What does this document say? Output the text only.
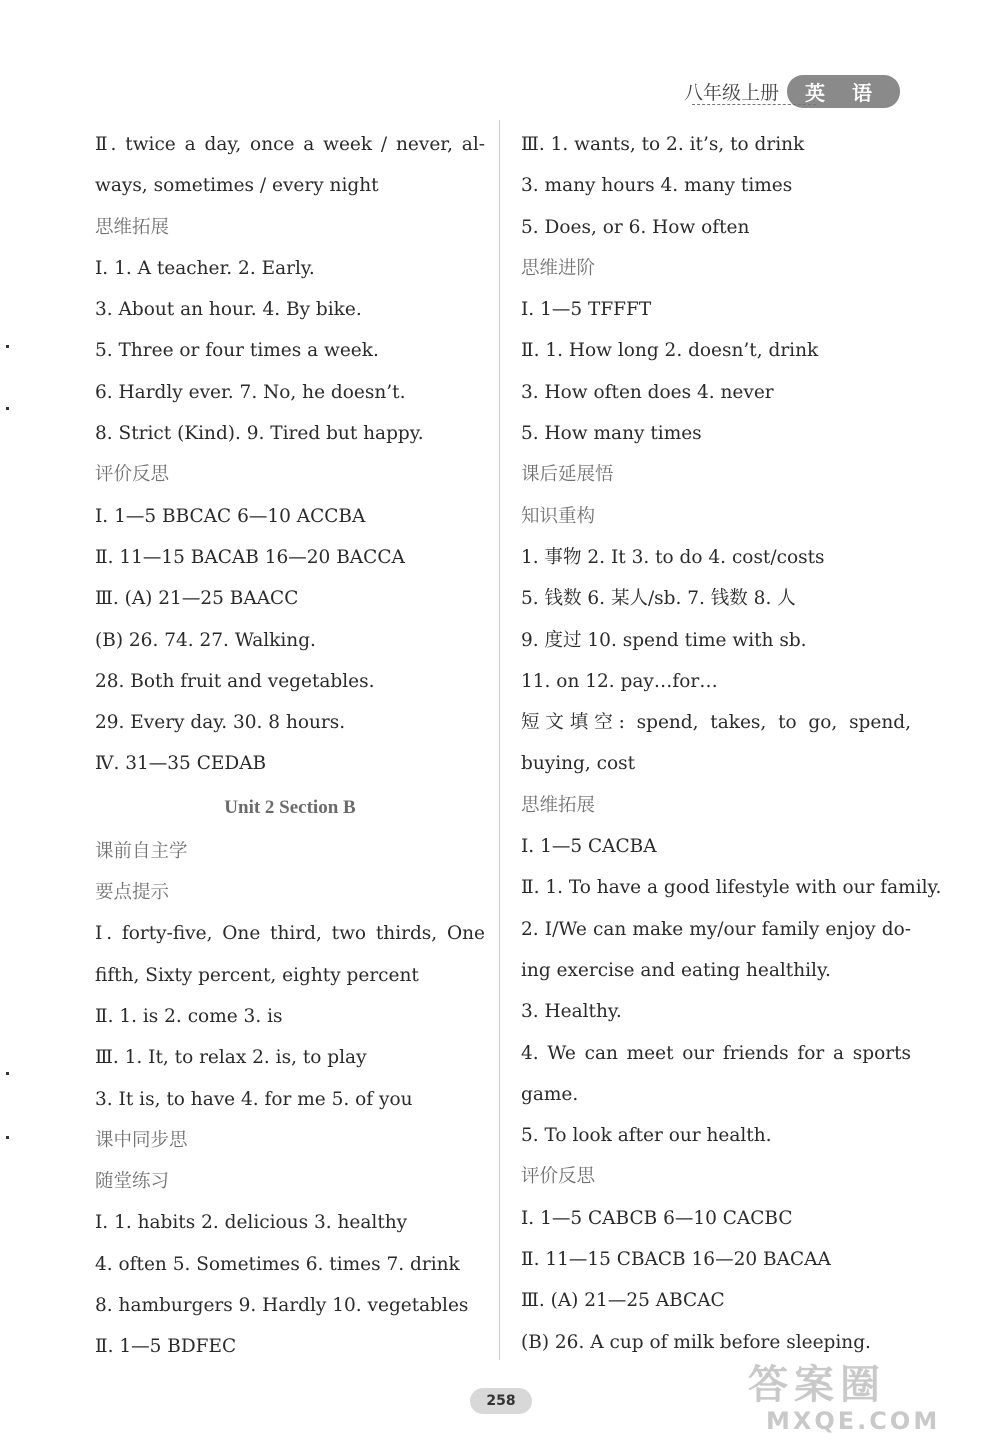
八年级上册	英 语
Ⅱ. twice a day, once a week / never, al-
ways, sometimes / every night
思维拓展
Ⅰ. 1. A teacher. 2. Early.
3. About an hour. 4. By bike.
5. Three or four times a week.
6. Hardly ever. 7. No, he doesn’t.
8. Strict (Kind). 9. Tired but happy.
评价反思
Ⅰ. 1—5 BBCAC 6—10 ACCBA
Ⅱ. 11—15 BACAB 16—20 BACCA
Ⅲ. (A) 21—25 BAACC
(B) 26. 74. 27. Walking.
28. Both fruit and vegetables.
29. Every day. 30. 8 hours.
Ⅳ. 31—35 CEDAB
Unit 2 Section B
课前自主学
要点提示
Ⅰ. forty-five, One third, two thirds, One
fifth, Sixty percent, eighty percent
Ⅱ. 1. is 2. come 3. is
Ⅲ. 1. It, to relax 2. is, to play
3. It is, to have 4. for me 5. of you
课中同步思
随堂练习
Ⅰ. 1. habits 2. delicious 3. healthy
4. often 5. Sometimes 6. times 7. drink
8. hamburgers 9. Hardly 10. vegetables
Ⅱ. 1—5 BDFEC
Ⅲ. 1. wants, to 2. it’s, to drink
3. many hours 4. many times
5. Does, or 6. How often
思维进阶
Ⅰ. 1—5 TFFFT
Ⅱ. 1. How long 2. doesn’t, drink
3. How often does 4. never
5. How many times
课后延展悟
知识重构
1. 事物 2. It 3. to do 4. cost/costs
5. 钱数 6. 某人/sb. 7. 钱数 8. 人
9. 度过 10. spend time with sb.
11. on 12. pay…for…
短文填空: spend, takes, to go, spend,
buying, cost
思维拓展
Ⅰ. 1—5 CACBA
Ⅱ. 1. To have a good lifestyle with our family.
2. I/We can make my/our family enjoy do-
ing exercise and eating healthily.
3. Healthy.
4. We can meet our friends for a sports
game.
5. To look after our health.
评价反思
Ⅰ. 1—5 CABCB 6—10 CACBC
Ⅱ. 11—15 CBACB 16—20 BACAA
Ⅲ. (A) 21—25 ABCAC
(B) 26. A cup of milk before sleeping.
258	答案圈
MXQE.COM
